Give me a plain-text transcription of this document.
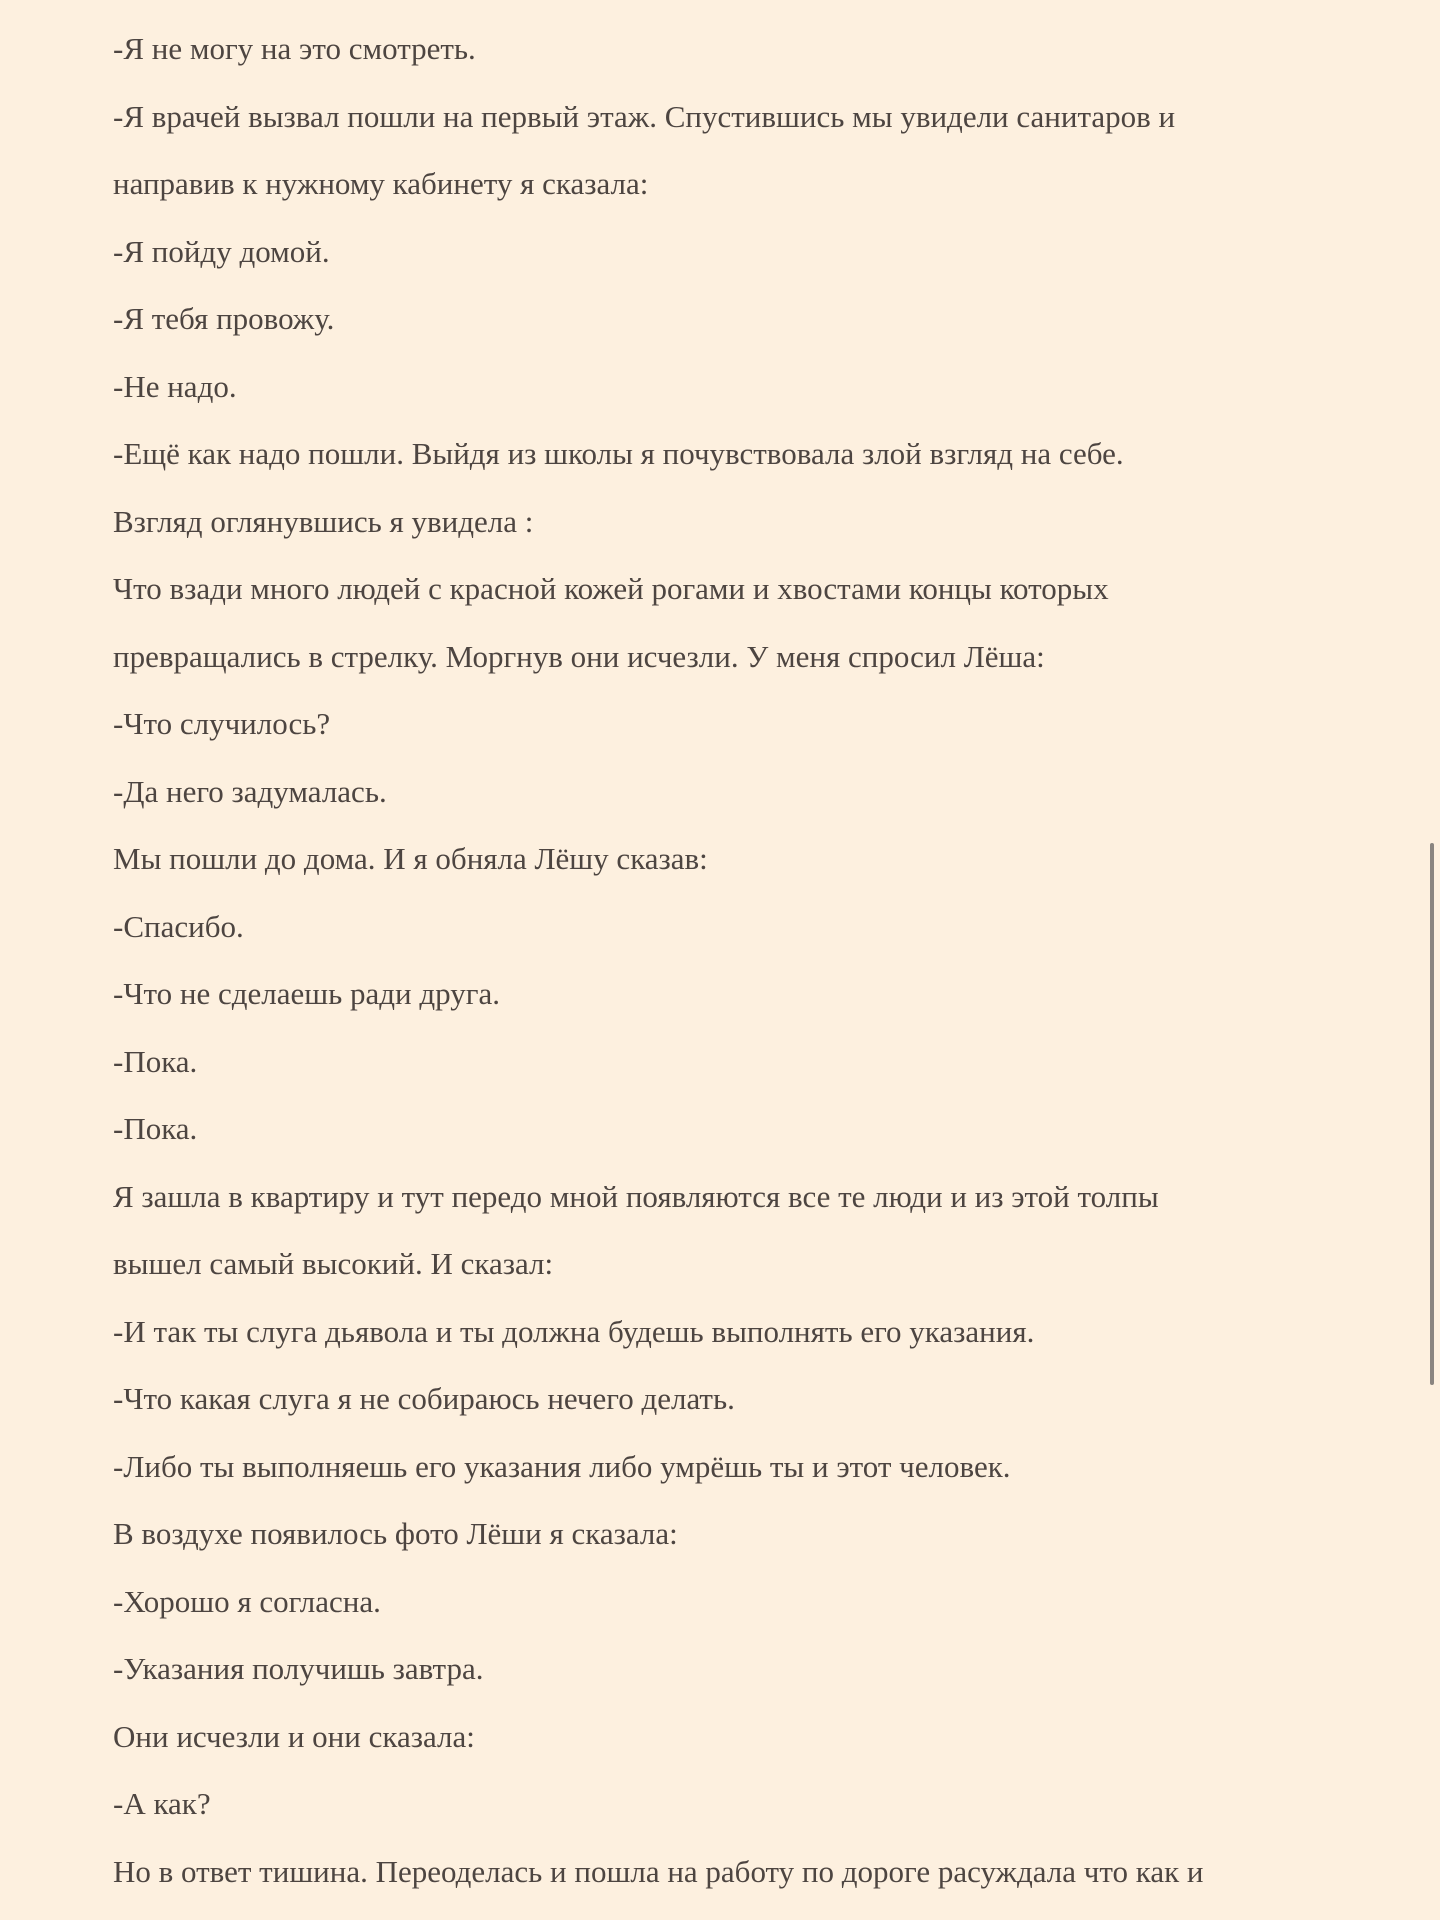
-Я не могу на это смотреть.

-Я врачей вызвал пошли на первый этаж. Спустившись мы увидели санитаров и

направив к нужному кабинету я сказала:

-Я пойду домой.

-Я тебя провожу.

-Не надо.

-Ещё как надо пошли. Выйдя из школы я почувствовала злой взгляд на себе.

Взгляд оглянувшись я увидела :

Что взади много людей с красной кожей рогами и хвостами концы которых

превращались в стрелку. Моргнув они исчезли. У меня спросил Лёша:

-Что случилось?

-Да него задумалась.

Мы пошли до дома. И я обняла Лёшу сказав:

-Спасибо.

-Что не сделаешь ради друга.

-Пока.

-Пока.

Я зашла в квартиру и тут передо мной появляются все те люди и из этой толпы

вышел самый высокий. И сказал:

-И так ты слуга дьявола и ты должна будешь выполнять его указания.

-Что какая слуга я не собираюсь нечего делать.

-Либо ты выполняешь его указания либо умрёшь ты и этот человек.

В воздухе появилось фото Лёши я сказала:

-Хорошо я согласна.

-Указания получишь завтра.

Они исчезли и они сказала:

-А как?

Но в ответ тишина. Переоделась и пошла на работу по дороге расуждала что как и
